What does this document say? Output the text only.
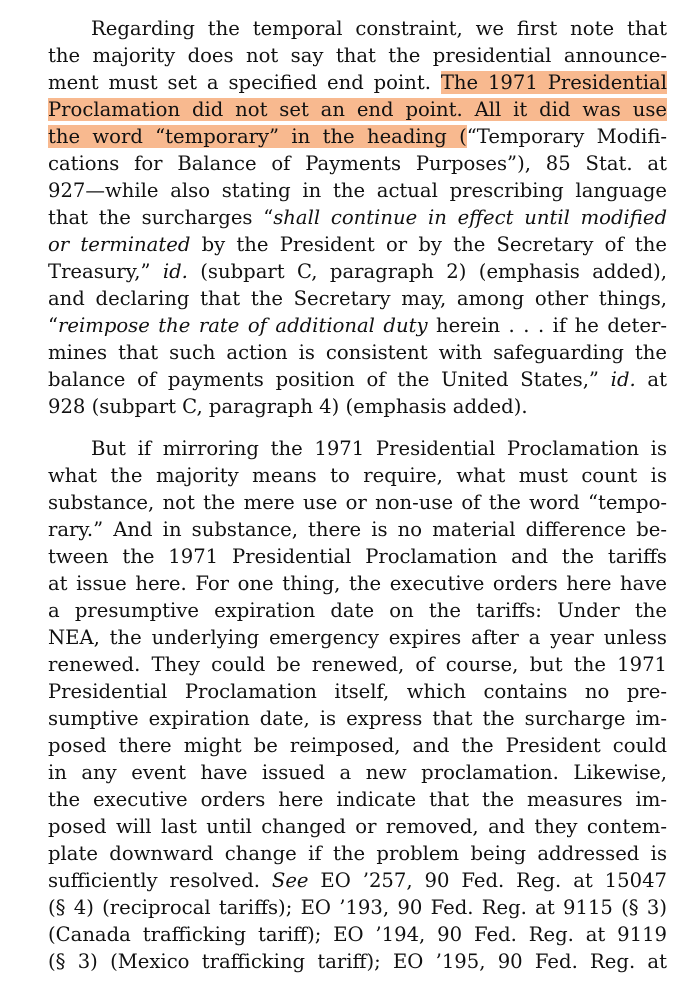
Regarding the temporal constraint, we first note that
the majority does not say that the presidential announce-
ment must set a specified end point. The 1971 Presidential
Proclamation did not set an end point. All it did was use
the word “temporary” in the heading (“Temporary Modifi-
cations for Balance of Payments Purposes”), 85 Stat. at
927—while also stating in the actual prescribing language
that the surcharges “shall continue in effect until modified
or terminated by the President or by the Secretary of the
Treasury,” id. (subpart C, paragraph 2) (emphasis added),
and declaring that the Secretary may, among other things,
“reimpose the rate of additional duty herein . . . if he deter-
mines that such action is consistent with safeguarding the
balance of payments position of the United States,” id. at
928 (subpart C, paragraph 4) (emphasis added).
But if mirroring the 1971 Presidential Proclamation is
what the majority means to require, what must count is
substance, not the mere use or non-use of the word “tempo-
rary.” And in substance, there is no material difference be-
tween the 1971 Presidential Proclamation and the tariffs
at issue here. For one thing, the executive orders here have
a presumptive expiration date on the tariffs: Under the
NEA, the underlying emergency expires after a year unless
renewed. They could be renewed, of course, but the 1971
Presidential Proclamation itself, which contains no pre-
sumptive expiration date, is express that the surcharge im-
posed there might be reimposed, and the President could
in any event have issued a new proclamation. Likewise,
the executive orders here indicate that the measures im-
posed will last until changed or removed, and they contem-
plate downward change if the problem being addressed is
sufficiently resolved. See EO ’257, 90 Fed. Reg. at 15047
(§ 4) (reciprocal tariffs); EO ’193, 90 Fed. Reg. at 9115 (§ 3)
(Canada trafficking tariff); EO ’194, 90 Fed. Reg. at 9119
(§ 3) (Mexico trafficking tariff); EO ’195, 90 Fed. Reg. at
